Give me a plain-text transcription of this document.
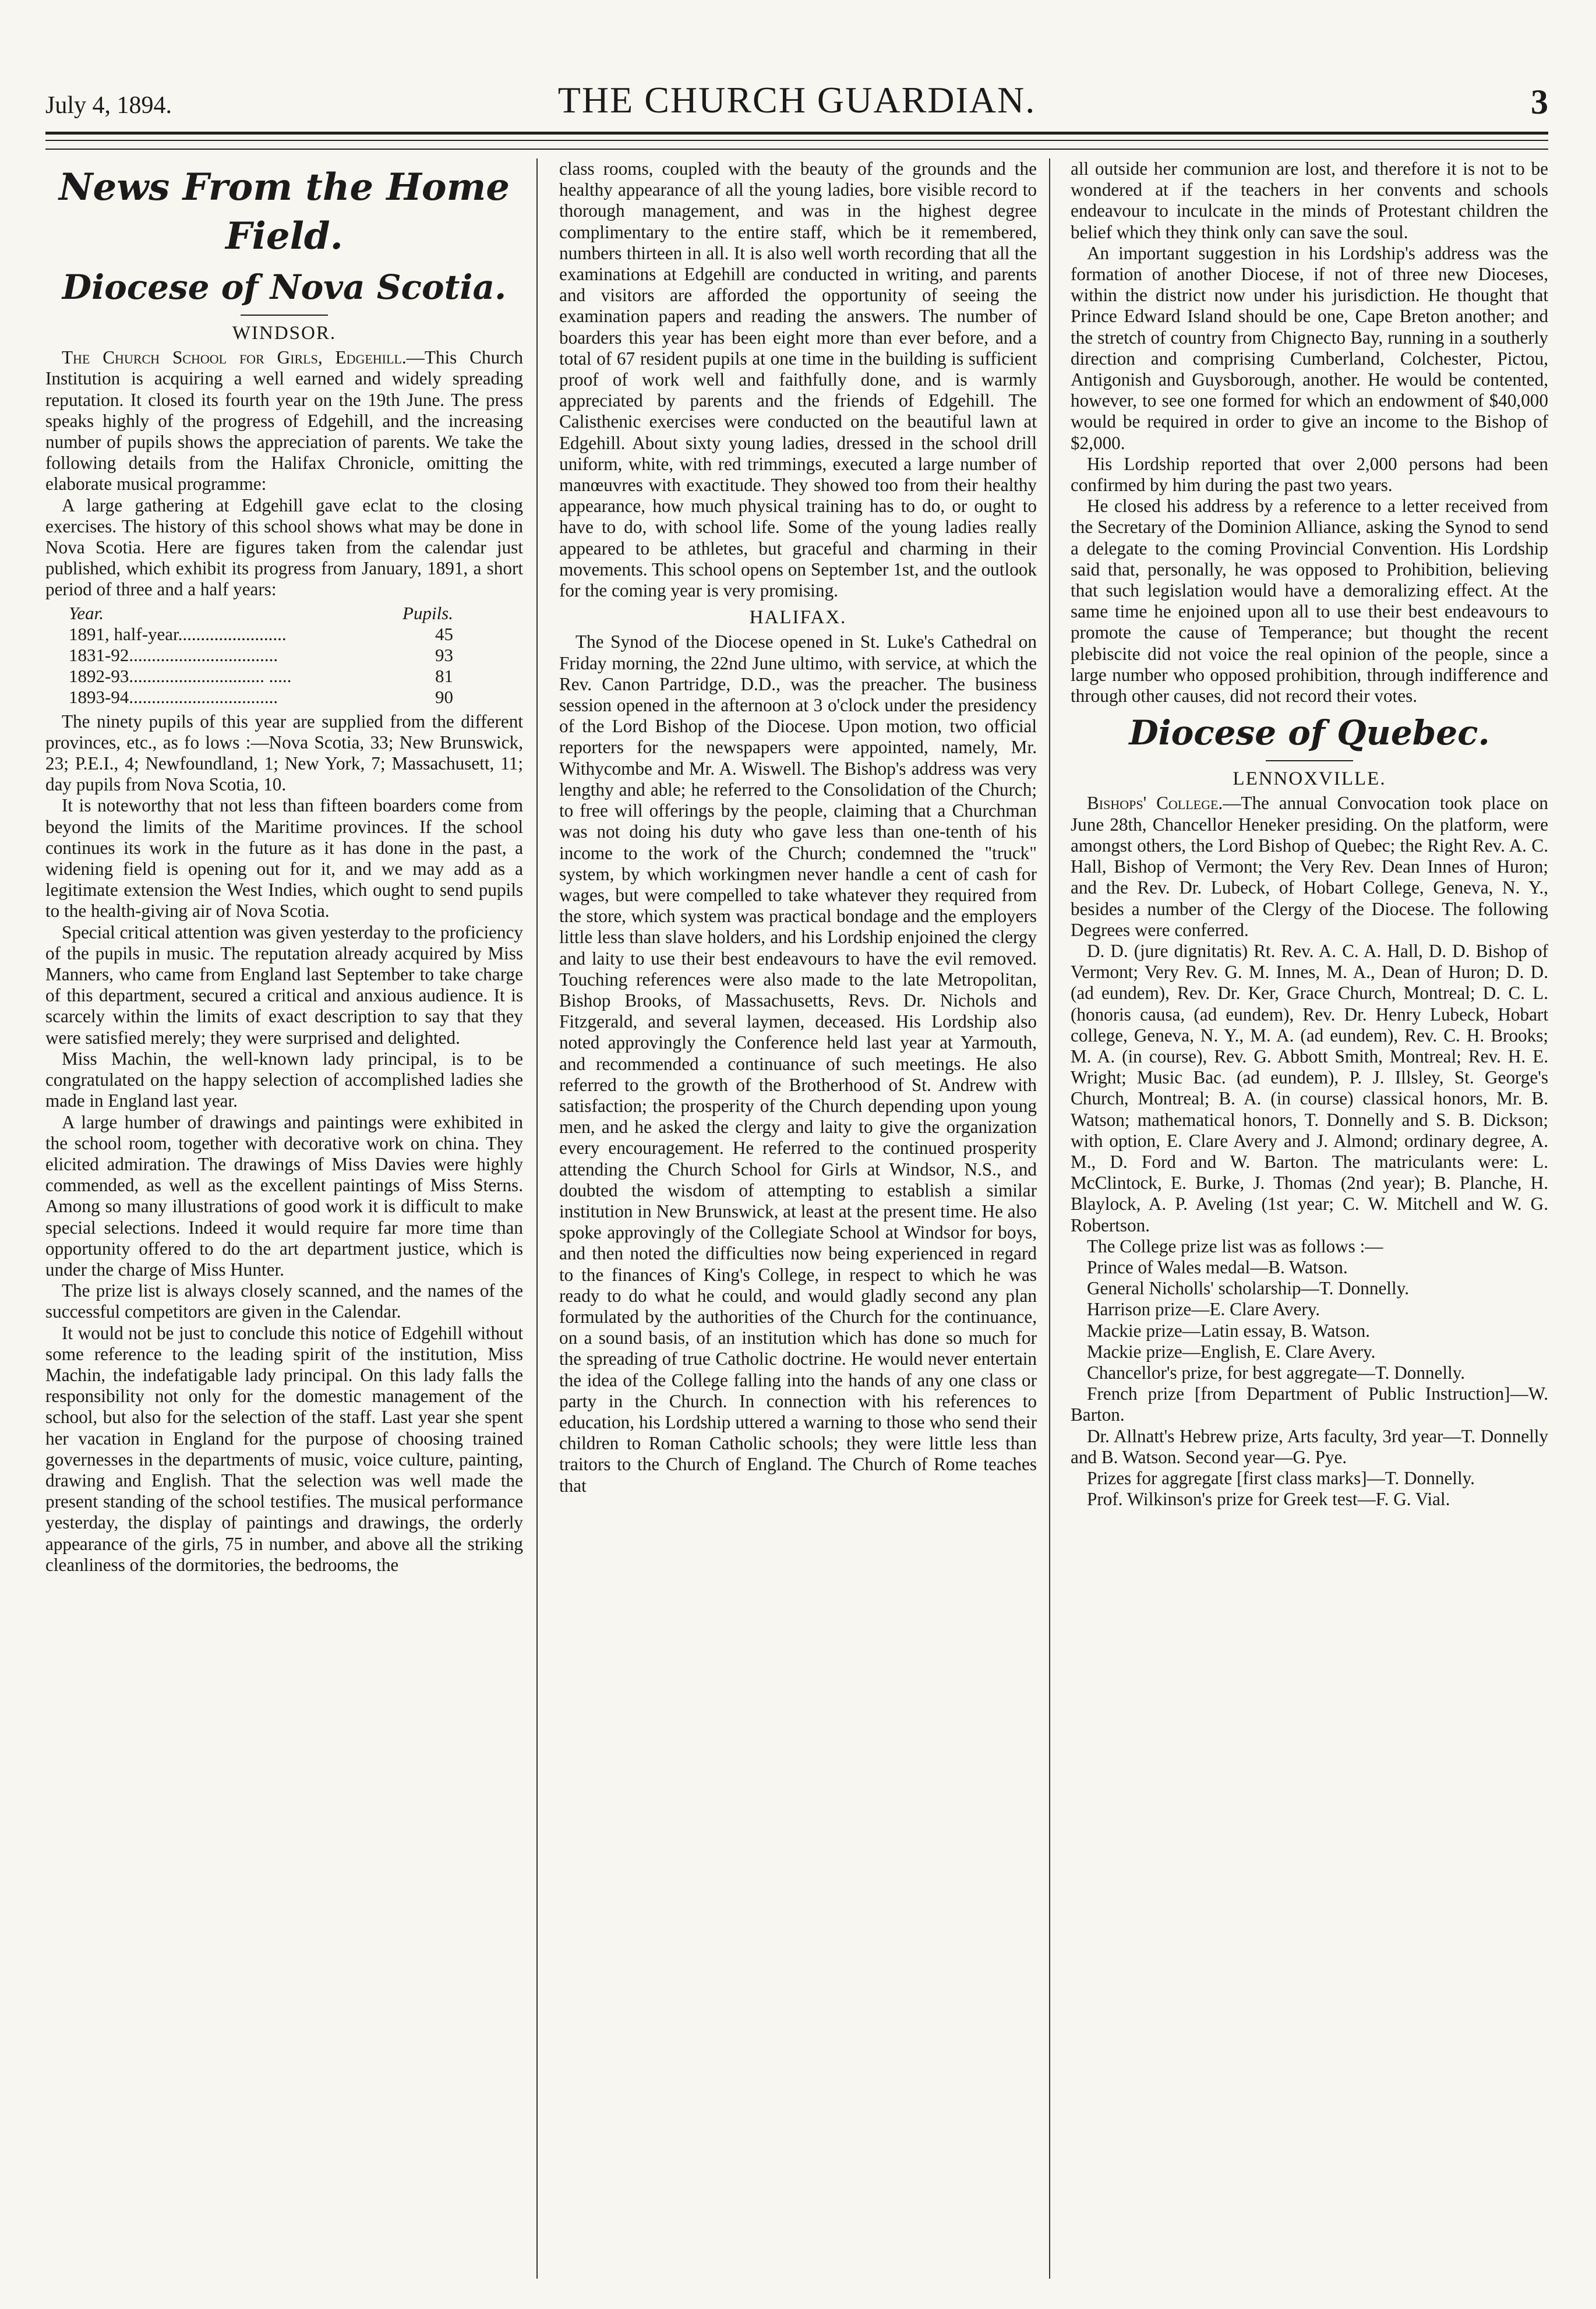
July 4, 1894.	THE CHURCH GUARDIAN.	3
News From the Home Field.
Diocese of Nova Scotia.
WINDSOR.

The Church School for Girls, Edgehill.—This Church Institution is acquiring a well earned and widely spreading reputation. It closed its fourth year on the 19th June. The press speaks highly of the progress of Edgehill, and the increasing number of pupils shows the appreciation of parents. We take the following details from the Halifax Chronicle, omitting the elaborate musical programme:

A large gathering at Edgehill gave eclat to the closing exercises. The history of this school shows what may be done in Nova Scotia. Here are figures taken from the calendar just published, which exhibit its progress from January, 1891, a short period of three and a half years:

Year.	Pupils.
1891, half-year........................	45
1831-92.................................	93
1892-93.............................. .....	81
1893-94.................................	90

The ninety pupils of this year are supplied from the different provinces, etc., as fo lows :—Nova Scotia, 33; New Brunswick, 23; P.E.I., 4; Newfoundland, 1; New York, 7; Massachusett, 11; day pupils from Nova Scotia, 10.

It is noteworthy that not less than fifteen boarders come from beyond the limits of the Maritime provinces. If the school continues its work in the future as it has done in the past, a widening field is opening out for it, and we may add as a legitimate extension the West Indies, which ought to send pupils to the health-giving air of Nova Scotia.

Special critical attention was given yesterday to the proficiency of the pupils in music. The reputation already acquired by Miss Manners, who came from England last September to take charge of this department, secured a critical and anxious audience. It is scarcely within the limits of exact description to say that they were satisfied merely; they were surprised and delighted.

Miss Machin, the well-known lady principal, is to be congratulated on the happy selection of accomplished ladies she made in England last year.

A large humber of drawings and paintings were exhibited in the school room, together with decorative work on china. They elicited admiration. The drawings of Miss Davies were highly commended, as well as the excellent paintings of Miss Sterns. Among so many illustrations of good work it is difficult to make special selections. Indeed it would require far more time than opportunity offered to do the art department justice, which is under the charge of Miss Hunter.

The prize list is always closely scanned, and the names of the successful competitors are given in the Calendar.

It would not be just to conclude this notice of Edgehill without some reference to the leading spirit of the institution, Miss Machin, the indefatigable lady principal. On this lady falls the responsibility not only for the domestic management of the school, but also for the selection of the staff. Last year she spent her vacation in England for the purpose of choosing trained governesses in the departments of music, voice culture, painting, drawing and English. That the selection was well made the present standing of the school testifies. The musical performance yesterday, the display of paintings and drawings, the orderly appearance of the girls, 75 in number, and above all the striking cleanliness of the dormitories, the bedrooms, the

class rooms, coupled with the beauty of the grounds and the healthy appearance of all the young ladies, bore visible record to thorough management, and was in the highest degree complimentary to the entire staff, which be it remembered, numbers thirteen in all. It is also well worth recording that all the examinations at Edgehill are conducted in writing, and parents and visitors are afforded the opportunity of seeing the examination papers and reading the answers. The number of boarders this year has been eight more than ever before, and a total of 67 resident pupils at one time in the building is sufficient proof of work well and faithfully done, and is warmly appreciated by parents and the friends of Edgehill. The Calisthenic exercises were conducted on the beautiful lawn at Edgehill. About sixty young ladies, dressed in the school drill uniform, white, with red trimmings, executed a large number of manœuvres with exactitude. They showed too from their healthy appearance, how much physical training has to do, or ought to have to do, with school life. Some of the young ladies really appeared to be athletes, but graceful and charming in their movements. This school opens on September 1st, and the outlook for the coming year is very promising.

HALIFAX.

The Synod of the Diocese opened in St. Luke's Cathedral on Friday morning, the 22nd June ultimo, with service, at which the Rev. Canon Partridge, D.D., was the preacher. The business session opened in the afternoon at 3 o'clock under the presidency of the Lord Bishop of the Diocese. Upon motion, two official reporters for the newspapers were appointed, namely, Mr. Withycombe and Mr. A. Wiswell. The Bishop's address was very lengthy and able; he referred to the Consolidation of the Church; to free will offerings by the people, claiming that a Churchman was not doing his duty who gave less than one-tenth of his income to the work of the Church; condemned the "truck" system, by which workingmen never handle a cent of cash for wages, but were compelled to take whatever they required from the store, which system was practical bondage and the employers little less than slave holders, and his Lordship enjoined the clergy and laity to use their best endeavours to have the evil removed. Touching references were also made to the late Metropolitan, Bishop Brooks, of Massachusetts, Revs. Dr. Nichols and Fitzgerald, and several laymen, deceased. His Lordship also noted approvingly the Conference held last year at Yarmouth, and recommended a continuance of such meetings. He also referred to the growth of the Brotherhood of St. Andrew with satisfaction; the prosperity of the Church depending upon young men, and he asked the clergy and laity to give the organization every encouragement. He referred to the continued prosperity attending the Church School for Girls at Windsor, N.S., and doubted the wisdom of attempting to establish a similar institution in New Brunswick, at least at the present time. He also spoke approvingly of the Collegiate School at Windsor for boys, and then noted the difficulties now being experienced in regard to the finances of King's College, in respect to which he was ready to do what he could, and would gladly second any plan formulated by the authorities of the Church for the continuance, on a sound basis, of an institution which has done so much for the spreading of true Catholic doctrine. He would never entertain the idea of the College falling into the hands of any one class or party in the Church. In connection with his references to education, his Lordship uttered a warning to those who send their children to Roman Catholic schools; they were little less than traitors to the Church of England. The Church of Rome teaches that

all outside her communion are lost, and therefore it is not to be wondered at if the teachers in her convents and schools endeavour to inculcate in the minds of Protestant children the belief which they think only can save the soul.

An important suggestion in his Lordship's address was the formation of another Diocese, if not of three new Dioceses, within the district now under his jurisdiction. He thought that Prince Edward Island should be one, Cape Breton another; and the stretch of country from Chignecto Bay, running in a southerly direction and comprising Cumberland, Colchester, Pictou, Antigonish and Guysborough, another. He would be contented, however, to see one formed for which an endowment of $40,000 would be required in order to give an income to the Bishop of $2,000.

His Lordship reported that over 2,000 persons had been confirmed by him during the past two years.

He closed his address by a reference to a letter received from the Secretary of the Dominion Alliance, asking the Synod to send a delegate to the coming Provincial Convention. His Lordship said that, personally, he was opposed to Prohibition, believing that such legislation would have a demoralizing effect. At the same time he enjoined upon all to use their best endeavours to promote the cause of Temperance; but thought the recent plebiscite did not voice the real opinion of the people, since a large number who opposed prohibition, through indifference and through other causes, did not record their votes.

Diocese of Quebec.
LENNOXVILLE.

Bishops' College.—The annual Convocation took place on June 28th, Chancellor Heneker presiding. On the platform, were amongst others, the Lord Bishop of Quebec; the Right Rev. A. C. Hall, Bishop of Vermont; the Very Rev. Dean Innes of Huron; and the Rev. Dr. Lubeck, of Hobart College, Geneva, N. Y., besides a number of the Clergy of the Diocese. The following Degrees were conferred.

D. D. (jure dignitatis) Rt. Rev. A. C. A. Hall, D. D. Bishop of Vermont; Very Rev. G. M. Innes, M. A., Dean of Huron; D. D. (ad eundem), Rev. Dr. Ker, Grace Church, Montreal; D. C. L. (honoris causa, (ad eundem), Rev. Dr. Henry Lubeck, Hobart college, Geneva, N. Y., M. A. (ad eundem), Rev. C. H. Brooks; M. A. (in course), Rev. G. Abbott Smith, Montreal; Rev. H. E. Wright; Music Bac. (ad eundem), P. J. Illsley, St. George's Church, Montreal; B. A. (in course) classical honors, Mr. B. Watson; mathematical honors, T. Donnelly and S. B. Dickson; with option, E. Clare Avery and J. Almond; ordinary degree, A. M., D. Ford and W. Barton. The matriculants were: L. McClintock, E. Burke, J. Thomas (2nd year); B. Planche, H. Blaylock, A. P. Aveling (1st year; C. W. Mitchell and W. G. Robertson.

The College prize list was as follows :—

Prince of Wales medal—B. Watson.

General Nicholls' scholarship—T. Donnelly.

Harrison prize—E. Clare Avery.

Mackie prize—Latin essay, B. Watson.

Mackie prize—English, E. Clare Avery.

Chancellor's prize, for best aggregate—T. Donnelly.

French prize [from Department of Public Instruction]—W. Barton.

Dr. Allnatt's Hebrew prize, Arts faculty, 3rd year—T. Donnelly and B. Watson. Second year—G. Pye.

Prizes for aggregate [first class marks]—T. Donnelly.

Prof. Wilkinson's prize for Greek test—F. G. Vial.
